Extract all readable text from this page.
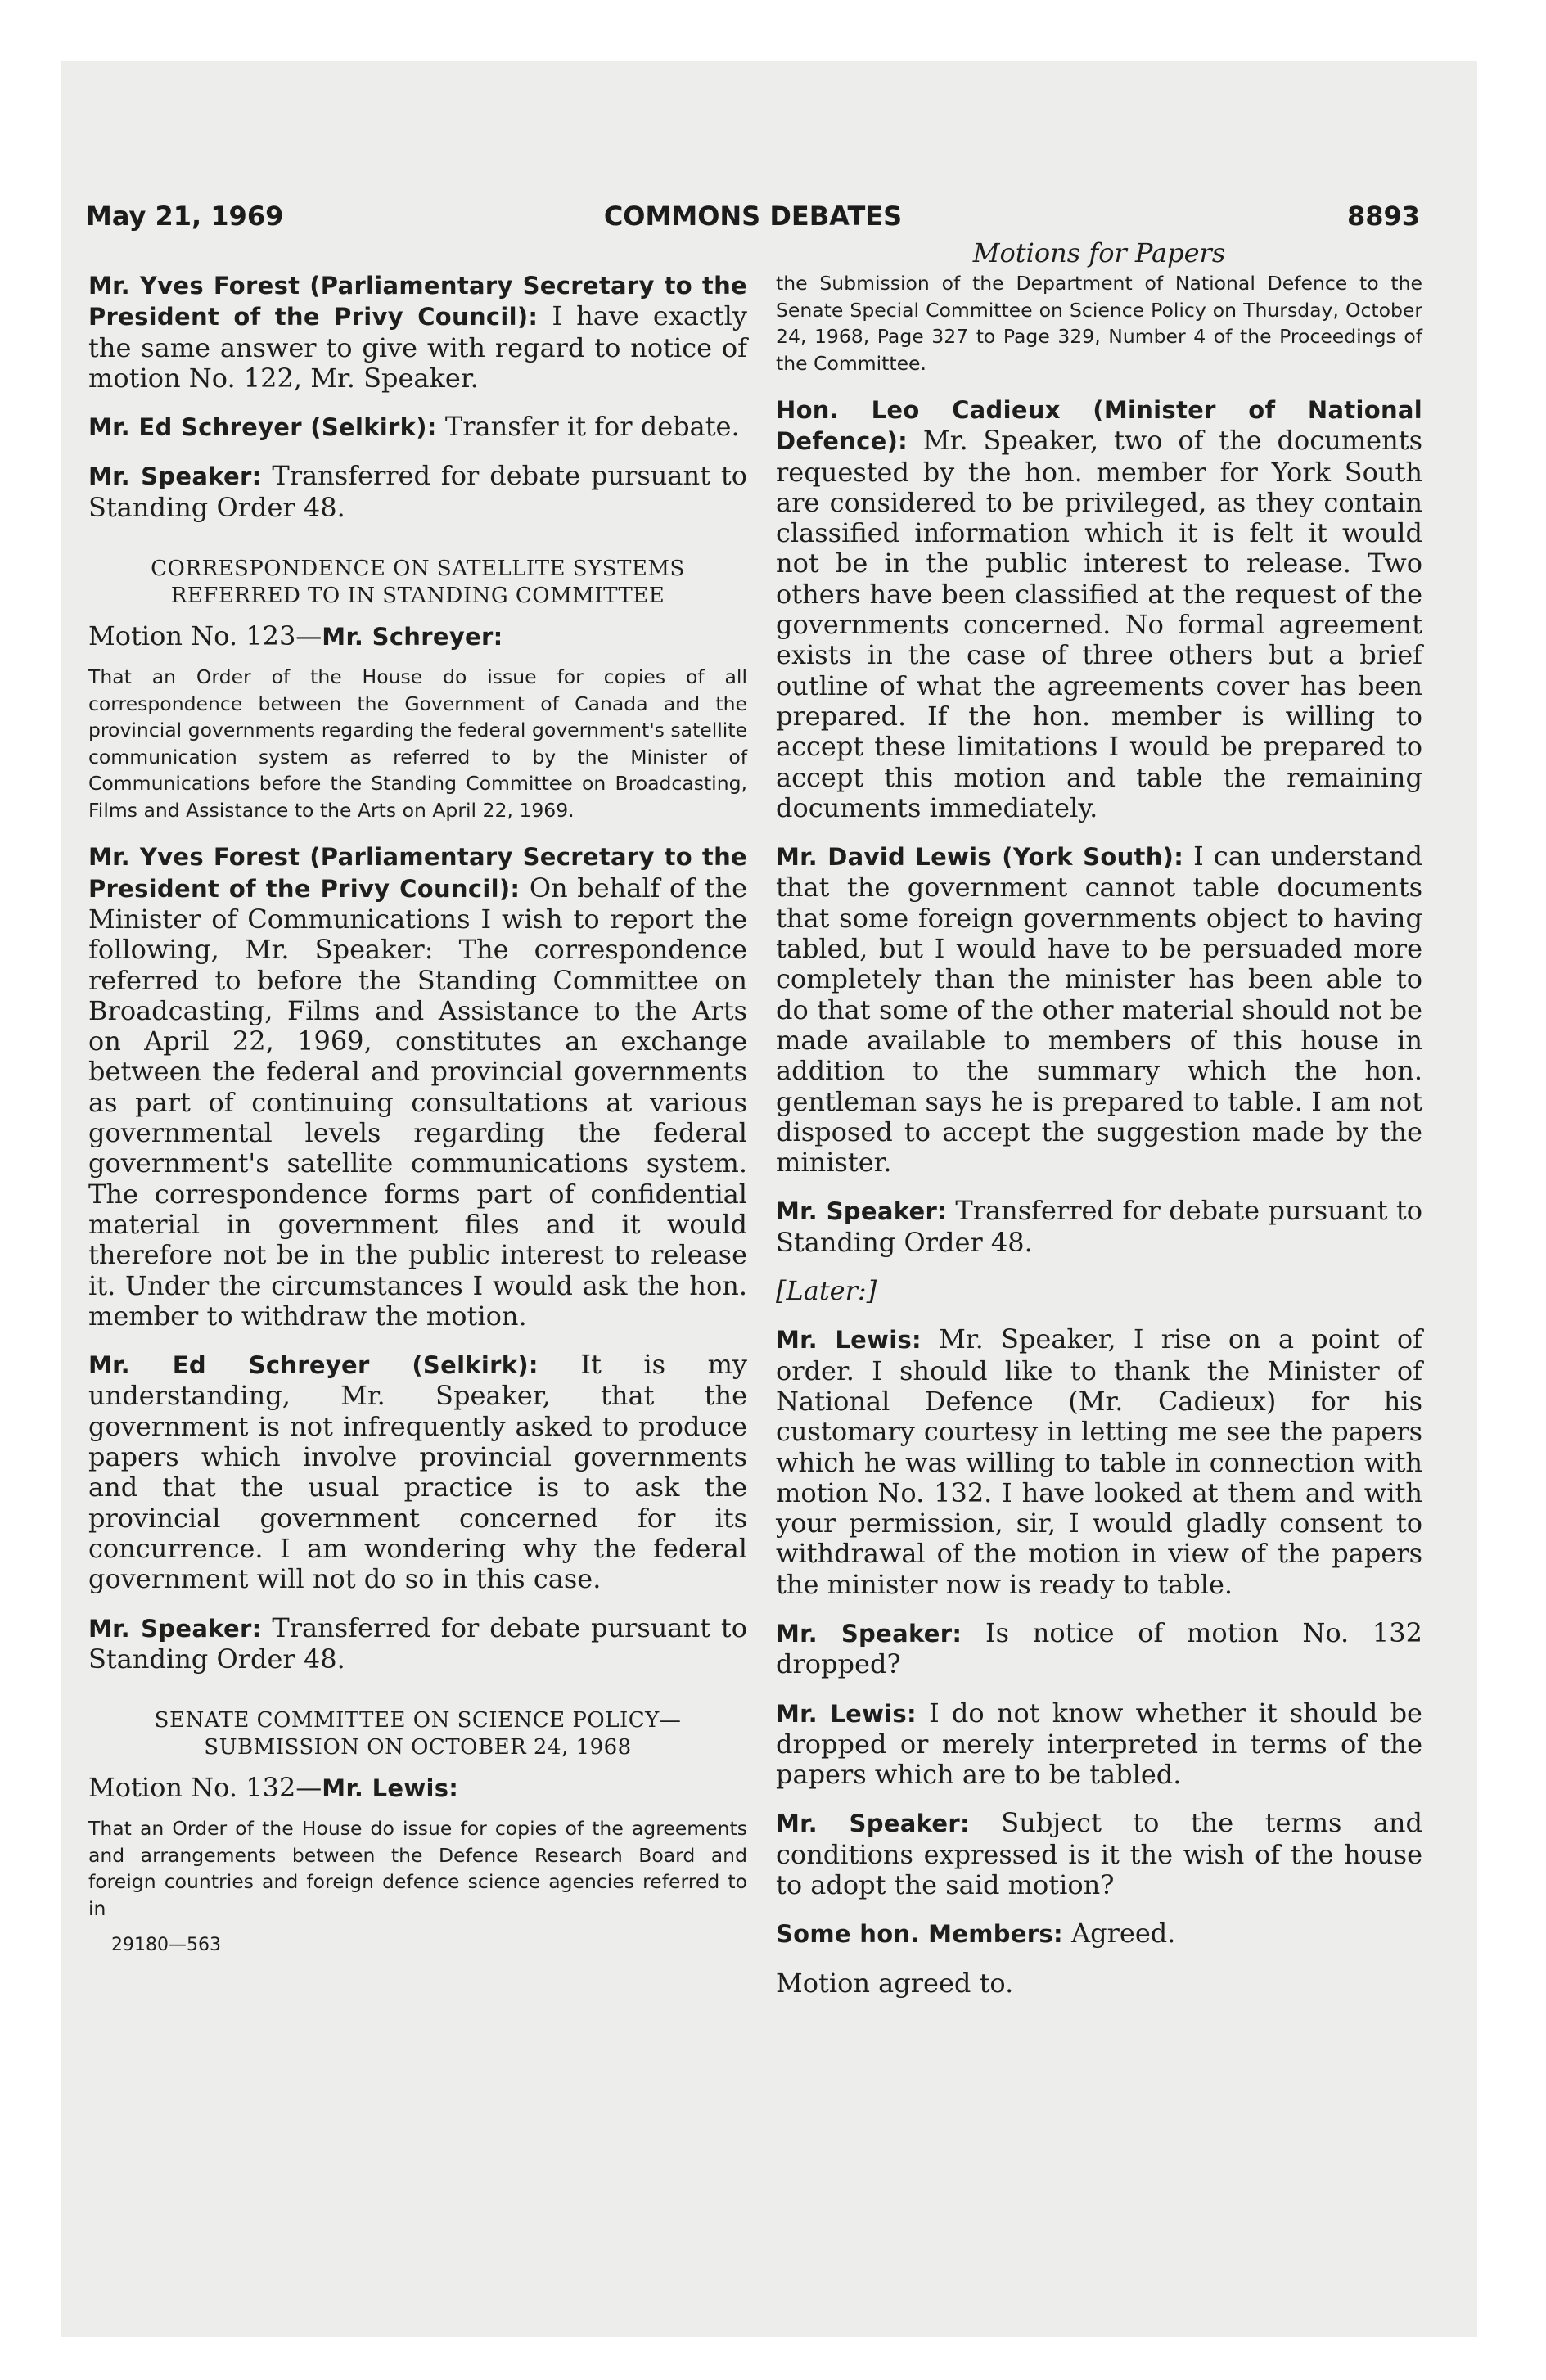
May 21, 1969	COMMONS DEBATES	8893
Motions for Papers

Mr. Yves Forest (Parliamentary Secretary to the President of the Privy Council): I have exactly the same answer to give with regard to notice of motion No. 122, Mr. Speaker.

Mr. Ed Schreyer (Selkirk): Transfer it for debate.

Mr. Speaker: Transferred for debate pursuant to Standing Order 48.

CORRESPONDENCE ON SATELLITE SYSTEMS REFERRED TO IN STANDING COMMITTEE
Motion No. 123—Mr. Schreyer:

That an Order of the House do issue for copies of all correspondence between the Government of Canada and the provincial governments regarding the federal government's satellite communication system as referred to by the Minister of Communications before the Standing Committee on Broadcasting, Films and Assistance to the Arts on April 22, 1969.

Mr. Yves Forest (Parliamentary Secretary to the President of the Privy Council): On behalf of the Minister of Communications I wish to report the following, Mr. Speaker: The correspondence referred to before the Standing Committee on Broadcasting, Films and Assistance to the Arts on April 22, 1969, constitutes an exchange between the federal and provincial governments as part of continuing consultations at various governmental levels regarding the federal government's satellite communications system. The correspondence forms part of confidential material in government files and it would therefore not be in the public interest to release it. Under the circumstances I would ask the hon. member to withdraw the motion.

Mr. Ed Schreyer (Selkirk): It is my understanding, Mr. Speaker, that the government is not infrequently asked to produce papers which involve provincial governments and that the usual practice is to ask the provincial government concerned for its concurrence. I am wondering why the federal government will not do so in this case.

Mr. Speaker: Transferred for debate pursuant to Standing Order 48.

SENATE COMMITTEE ON SCIENCE POLICY— SUBMISSION ON OCTOBER 24, 1968
Motion No. 132—Mr. Lewis:

That an Order of the House do issue for copies of the agreements and arrangements between the Defence Research Board and foreign countries and foreign defence science agencies referred to in

29180—563

the Submission of the Department of National Defence to the Senate Special Committee on Science Policy on Thursday, October 24, 1968, Page 327 to Page 329, Number 4 of the Proceedings of the Committee.

Hon. Leo Cadieux (Minister of National Defence): Mr. Speaker, two of the documents requested by the hon. member for York South are considered to be privileged, as they contain classified information which it is felt it would not be in the public interest to release. Two others have been classified at the request of the governments concerned. No formal agreement exists in the case of three others but a brief outline of what the agreements cover has been prepared. If the hon. member is willing to accept these limitations I would be prepared to accept this motion and table the remaining documents immediately.

Mr. David Lewis (York South): I can understand that the government cannot table documents that some foreign governments object to having tabled, but I would have to be persuaded more completely than the minister has been able to do that some of the other material should not be made available to members of this house in addition to the summary which the hon. gentleman says he is prepared to table. I am not disposed to accept the suggestion made by the minister.

Mr. Speaker: Transferred for debate pursuant to Standing Order 48.

[Later:]

Mr. Lewis: Mr. Speaker, I rise on a point of order. I should like to thank the Minister of National Defence (Mr. Cadieux) for his customary courtesy in letting me see the papers which he was willing to table in connection with motion No. 132. I have looked at them and with your permission, sir, I would gladly consent to withdrawal of the motion in view of the papers the minister now is ready to table.

Mr. Speaker: Is notice of motion No. 132 dropped?

Mr. Lewis: I do not know whether it should be dropped or merely interpreted in terms of the papers which are to be tabled.

Mr. Speaker: Subject to the terms and conditions expressed is it the wish of the house to adopt the said motion?

Some hon. Members: Agreed.

Motion agreed to.
